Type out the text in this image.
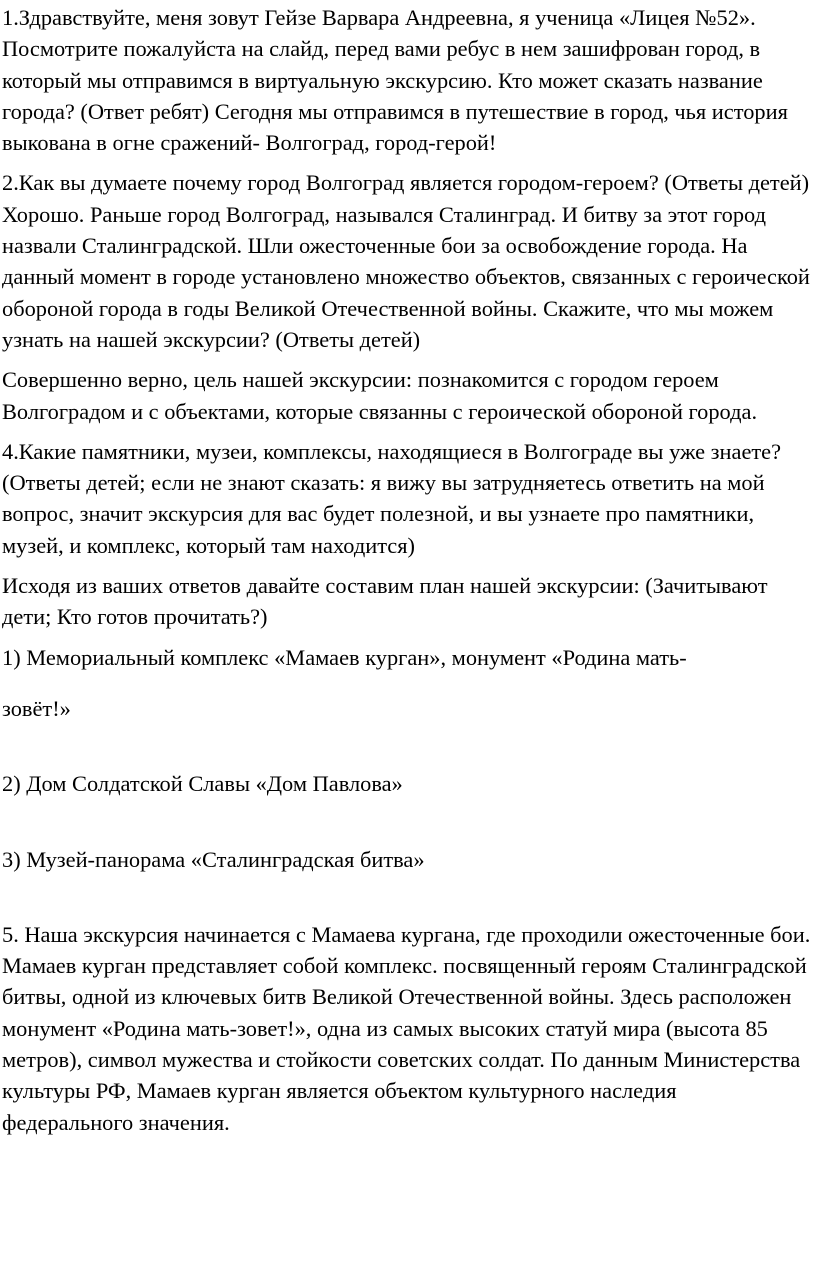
1.Здравствуйте, меня зовут Гейзе Варвара Андреевна, я ученица «Лицея №52». Посмотрите пожалуйста на слайд, перед вами ребус в нем зашифрован город, в который мы отправимся в виртуальную экскурсию. Кто может сказать название города? (Ответ ребят) Сегодня мы отправимся в путешествие в город, чья история выкована в огне сражений- Волгоград, город-герой!

2.Как вы думаете почему город Волгоград является городом-героем? (Ответы детей) Хорошо. Раньше город Волгоград, назывался Сталинград. И битву за этот город назвали Сталинградской. Шли ожесточенные бои за освобождение города. На данный момент в городе установлено множество объектов, связанных с героической обороной города в годы Великой Отечественной войны. Скажите, что мы можем узнать на нашей экскурсии? (Ответы детей)

Совершенно верно, цель нашей экскурсии: познакомится с городом героем Волгоградом и с объектами, которые связанны с героической обороной города.

4.Какие памятники, музеи, комплексы, находящиеся в Волгограде вы уже знаете? (Ответы детей; если не знают сказать: я вижу вы затрудняетесь ответить на мой вопрос, значит экскурсия для вас будет полезной, и вы узнаете про памятники, музей, и комплекс, который там находится)

Исходя из ваших ответов давайте составим план нашей экскурсии: (Зачитывают дети; Кто готов прочитать?)

1) Мемориальный комплекс «Мамаев курган», монумент «Родина мать-

зовёт!»

2) Дом Солдатской Славы «Дом Павлова»

3) Музей-панорама «Сталинградская битва»

5. Наша экскурсия начинается с Мамаева кургана, где проходили ожесточенные бои. Мамаев курган представляет собой комплекс. посвященный героям Сталинградской битвы, одной из ключевых битв Великой Отечественной войны. Здесь расположен монумент «Родина мать-зовет!», одна из самых высоких статуй мира (высота 85 метров), символ мужества и стойкости советских солдат. По данным Министерства культуры РФ, Мамаев курган является объектом культурного наследия федерального значения.
